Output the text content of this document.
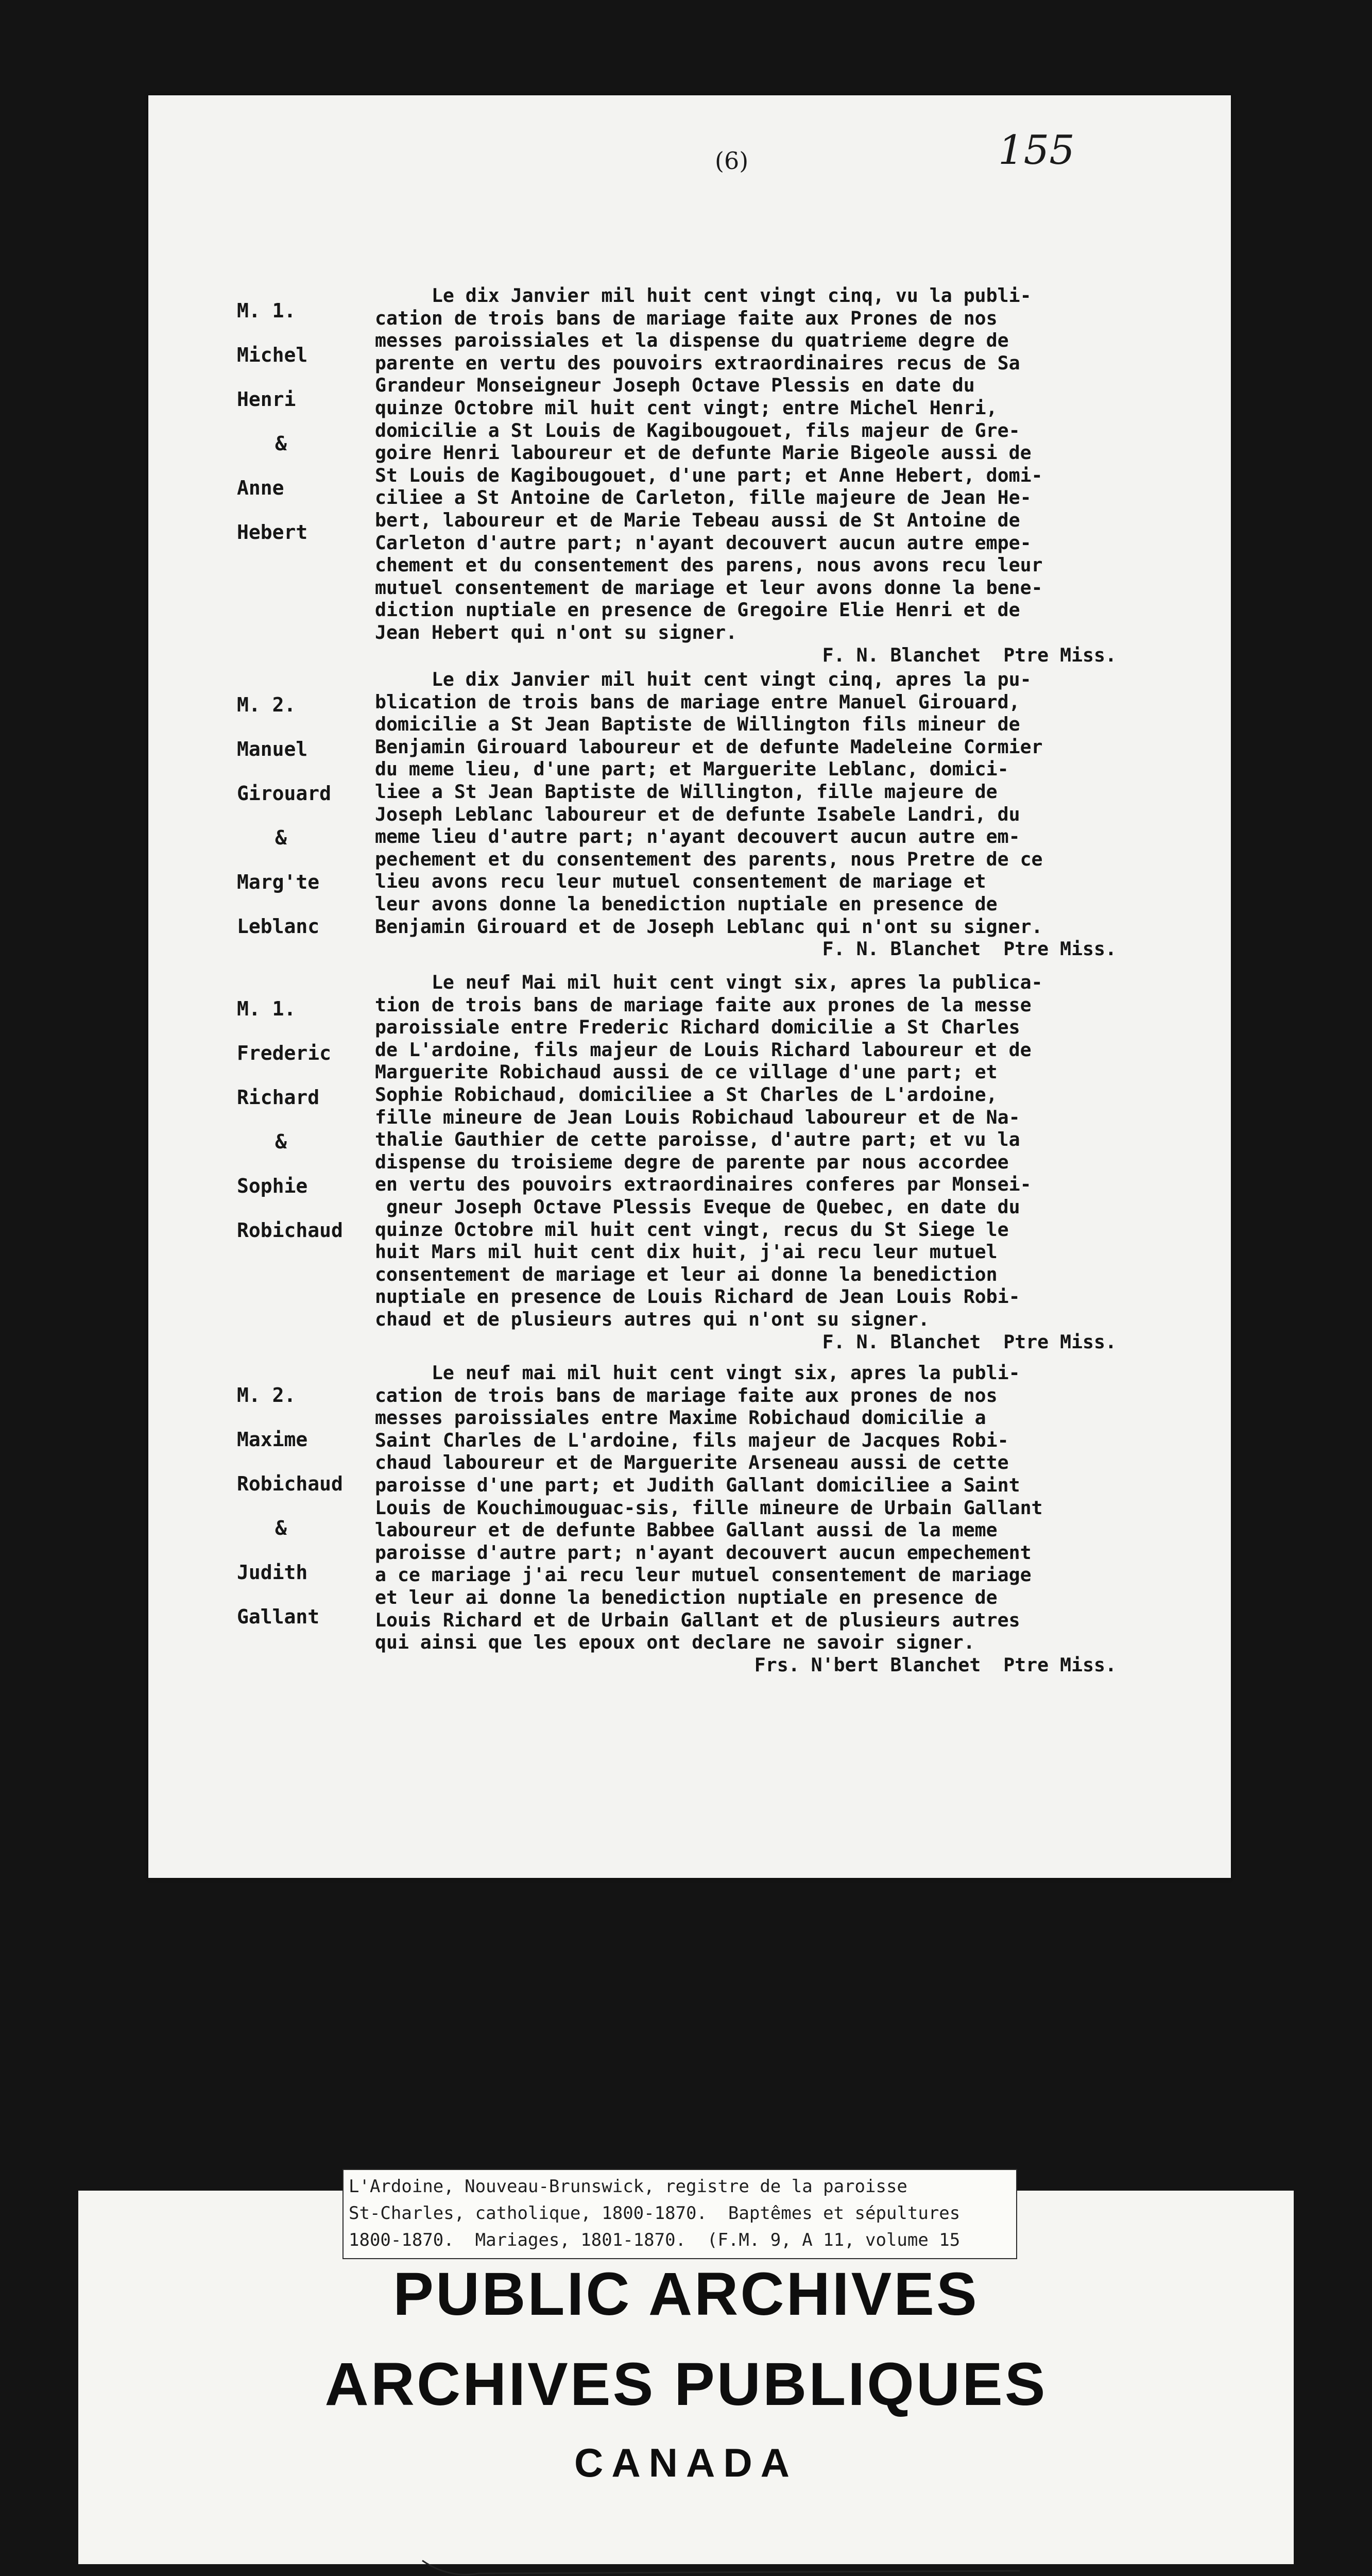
(6)	155
M. 1.
Michel
Henri
&
Anne
Hebert
Le dix Janvier mil huit cent vingt cinq, vu la publi-
cation de trois bans de mariage faite aux Prones de nos
messes paroissiales et la dispense du quatrieme degre de
parente en vertu des pouvoirs extraordinaires recus de Sa
Grandeur Monseigneur Joseph Octave Plessis en date du
quinze Octobre mil huit cent vingt; entre Michel Henri,
domicilie a St Louis de Kagibougouet, fils majeur de Gre-
goire Henri laboureur et de defunte Marie Bigeole aussi de
St Louis de Kagibougouet, d'une part; et Anne Hebert, domi-
ciliee a St Antoine de Carleton, fille majeure de Jean He-
bert, laboureur et de Marie Tebeau aussi de St Antoine de
Carleton d'autre part; n'ayant decouvert aucun autre empe-
chement et du consentement des parens, nous avons recu leur
mutuel consentement de mariage et leur avons donne la bene-
diction nuptiale en presence de Gregoire Elie Henri et de
Jean Hebert qui n'ont su signer.
F. N. Blanchet  Ptre Miss.
M. 2.
Manuel
Girouard
&
Marg'te
Leblanc
Le dix Janvier mil huit cent vingt cinq, apres la pu-
blication de trois bans de mariage entre Manuel Girouard,
domicilie a St Jean Baptiste de Willington fils mineur de
Benjamin Girouard laboureur et de defunte Madeleine Cormier
du meme lieu, d'une part; et Marguerite Leblanc, domici-
liee a St Jean Baptiste de Willington, fille majeure de
Joseph Leblanc laboureur et de defunte Isabele Landri, du
meme lieu d'autre part; n'ayant decouvert aucun autre em-
pechement et du consentement des parents, nous Pretre de ce
lieu avons recu leur mutuel consentement de mariage et
leur avons donne la benediction nuptiale en presence de
Benjamin Girouard et de Joseph Leblanc qui n'ont su signer.
F. N. Blanchet  Ptre Miss.
M. 1.
Frederic
Richard
&
Sophie
Robichaud
Le neuf Mai mil huit cent vingt six, apres la publica-
tion de trois bans de mariage faite aux prones de la messe
paroissiale entre Frederic Richard domicilie a St Charles
de L'ardoine, fils majeur de Louis Richard laboureur et de
Marguerite Robichaud aussi de ce village d'une part; et
Sophie Robichaud, domiciliee a St Charles de L'ardoine,
fille mineure de Jean Louis Robichaud laboureur et de Na-
thalie Gauthier de cette paroisse, d'autre part; et vu la
dispense du troisieme degre de parente par nous accordee
en vertu des pouvoirs extraordinaires conferes par Monsei-
gneur Joseph Octave Plessis Eveque de Quebec, en date du
quinze Octobre mil huit cent vingt, recus du St Siege le
huit Mars mil huit cent dix huit, j'ai recu leur mutuel
consentement de mariage et leur ai donne la benediction
nuptiale en presence de Louis Richard de Jean Louis Robi-
chaud et de plusieurs autres qui n'ont su signer.
F. N. Blanchet  Ptre Miss.
M. 2.
Maxime
Robichaud
&
Judith
Gallant
Le neuf mai mil huit cent vingt six, apres la publi-
cation de trois bans de mariage faite aux prones de nos
messes paroissiales entre Maxime Robichaud domicilie a
Saint Charles de L'ardoine, fils majeur de Jacques Robi-
chaud laboureur et de Marguerite Arseneau aussi de cette
paroisse d'une part; et Judith Gallant domiciliee a Saint
Louis de Kouchimouguac-sis, fille mineure de Urbain Gallant
laboureur et de defunte Babbee Gallant aussi de la meme
paroisse d'autre part; n'ayant decouvert aucun empechement
a ce mariage j'ai recu leur mutuel consentement de mariage
et leur ai donne la benediction nuptiale en presence de
Louis Richard et de Urbain Gallant et de plusieurs autres
qui ainsi que les epoux ont declare ne savoir signer.
Frs. N'bert Blanchet  Ptre Miss.
L'Ardoine, Nouveau-Brunswick, registre de la paroisse
St-Charles, catholique, 1800-1870.  Baptêmes et sépultures
1800-1870.  Mariages, 1801-1870.  (F.M. 9, A 11, volume 15
PUBLIC ARCHIVES
ARCHIVES PUBLIQUES
CANADA
